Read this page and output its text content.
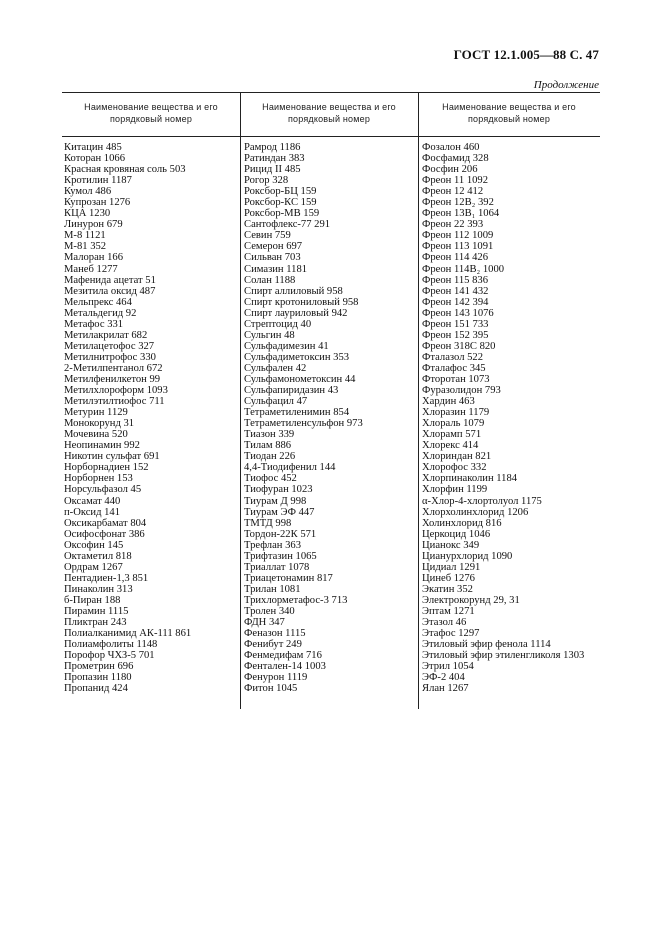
ГОСТ 12.1.005—88 С. 47
Продолжение
Наименование вещества и его порядковый номер
Наименование вещества и его порядковый номер
Наименование вещества и его порядковый номер
Китацин 485
Которан 1066
Красная кровяная соль 503
Кротилин 1187
Кумол 486
Купрозан 1276
КЦА 1230
Линурон 679
М-8 1121
М-81 352
Малоран 166
Манеб 1277
Мафенида ацетат 51
Мезитила оксид 487
Мельпрекс 464
Метальдегид 92
Метафос 331
Метилакрилат 682
Метилацетофос 327
Метилнитрофос 330
2-Метилпентанол 672
Метилфенилкетон 99
Метилхлороформ 1093
Метилэтилтиофос 711
Метурин 1129
Монокорунд 31
Мочевина 520
Неопинамин 992
Никотин сульфат 691
Норборнадиен 152
Норборнен 153
Норсульфазол 45
Оксамат 440
п-Оксид 141
Оксикарбамат 804
Осифосфонат 386
Оксофин 145
Октаметил 818
Ордрам 1267
Пентадиен-1,3 851
Пинаколин 313
б-Пиран 188
Пирамин 1115
Пликтран 243
Полиалканимид АК-111 861
Полиамфолиты 1148
Порофор ЧХЗ-5 701
Прометрин 696
Пропазин 1180
Пропанид 424
Рамрод 1186
Ратиндан 383
Рицид II 485
Рогор 328
Роксбор-БЦ 159
Роксбор-КС 159
Роксбор-МВ 159
Сантофлекс-77 291
Севин 759
Семерон 697
Сильван 703
Симазин 1181
Солан 1188
Спирт аллиловый 958
Спирт кротониловый 958
Спирт лауриловый 942
Стрептоцид 40
Сульгин 48
Сульфадимезин 41
Сульфадиметоксин 353
Сульфален 42
Сульфамонометоксин 44
Сульфапиридазин 43
Сульфацил 47
Тетраметиленимин 854
Тетраметиленсульфон 973
Тиазон 339
Тилам 886
Тиодан 226
4,4-Тиодифенил 144
Тиофос 452
Тиофуран 1023
Тиурам Д 998
Тиурам ЭФ 447
ТМТД 998
Тордон-22К 571
Трефлан 363
Трифтазин 1065
Триаллат 1078
Триацетонамин 817
Трилан 1081
Трихлорметафос-3 713
Тролен 340
ФДН 347
Феназон 1115
Фенибут 249
Фенмедифам 716
Фентален-14 1003
Фенурон 1119
Фитон 1045
Фозалон 460
Фосфамид 328
Фосфин 206
Фреон 11 1092
Фреон 12 412
Фреон 12В₂ 392
Фреон 13В₁ 1064
Фреон 22 393
Фреон 112 1009
Фреон 113 1091
Фреон 114 426
Фреон 114В₂ 1000
Фреон 115 836
Фреон 141 432
Фреон 142 394
Фреон 143 1076
Фреон 151 733
Фреон 152 395
Фреон 318С 820
Фталазол 522
Фталафос 345
Фторотан 1073
Фуразолидон 793
Хардин 463
Хлоразин 1179
Хлораль 1079
Хлорамп 571
Хлорекс 414
Хлориндан 821
Хлорофос 332
Хлорпинаколин 1184
Хлорфин 1199
α-Хлор-4-хлортолуол 1175
Хлорхолинхлорид 1206
Холинхлорид 816
Церкоцид 1046
Цианокс 349
Цианурхлорид 1090
Цидиал 1291
Цинеб 1276
Экатин 352
Электрокорунд 29, 31
Эптам 1271
Этазол 46
Этафос 1297
Этиловый эфир фенола 1114
Этиловый эфир этиленгликоля 1303
Этрил 1054
ЭФ-2 404
Ялан 1267
